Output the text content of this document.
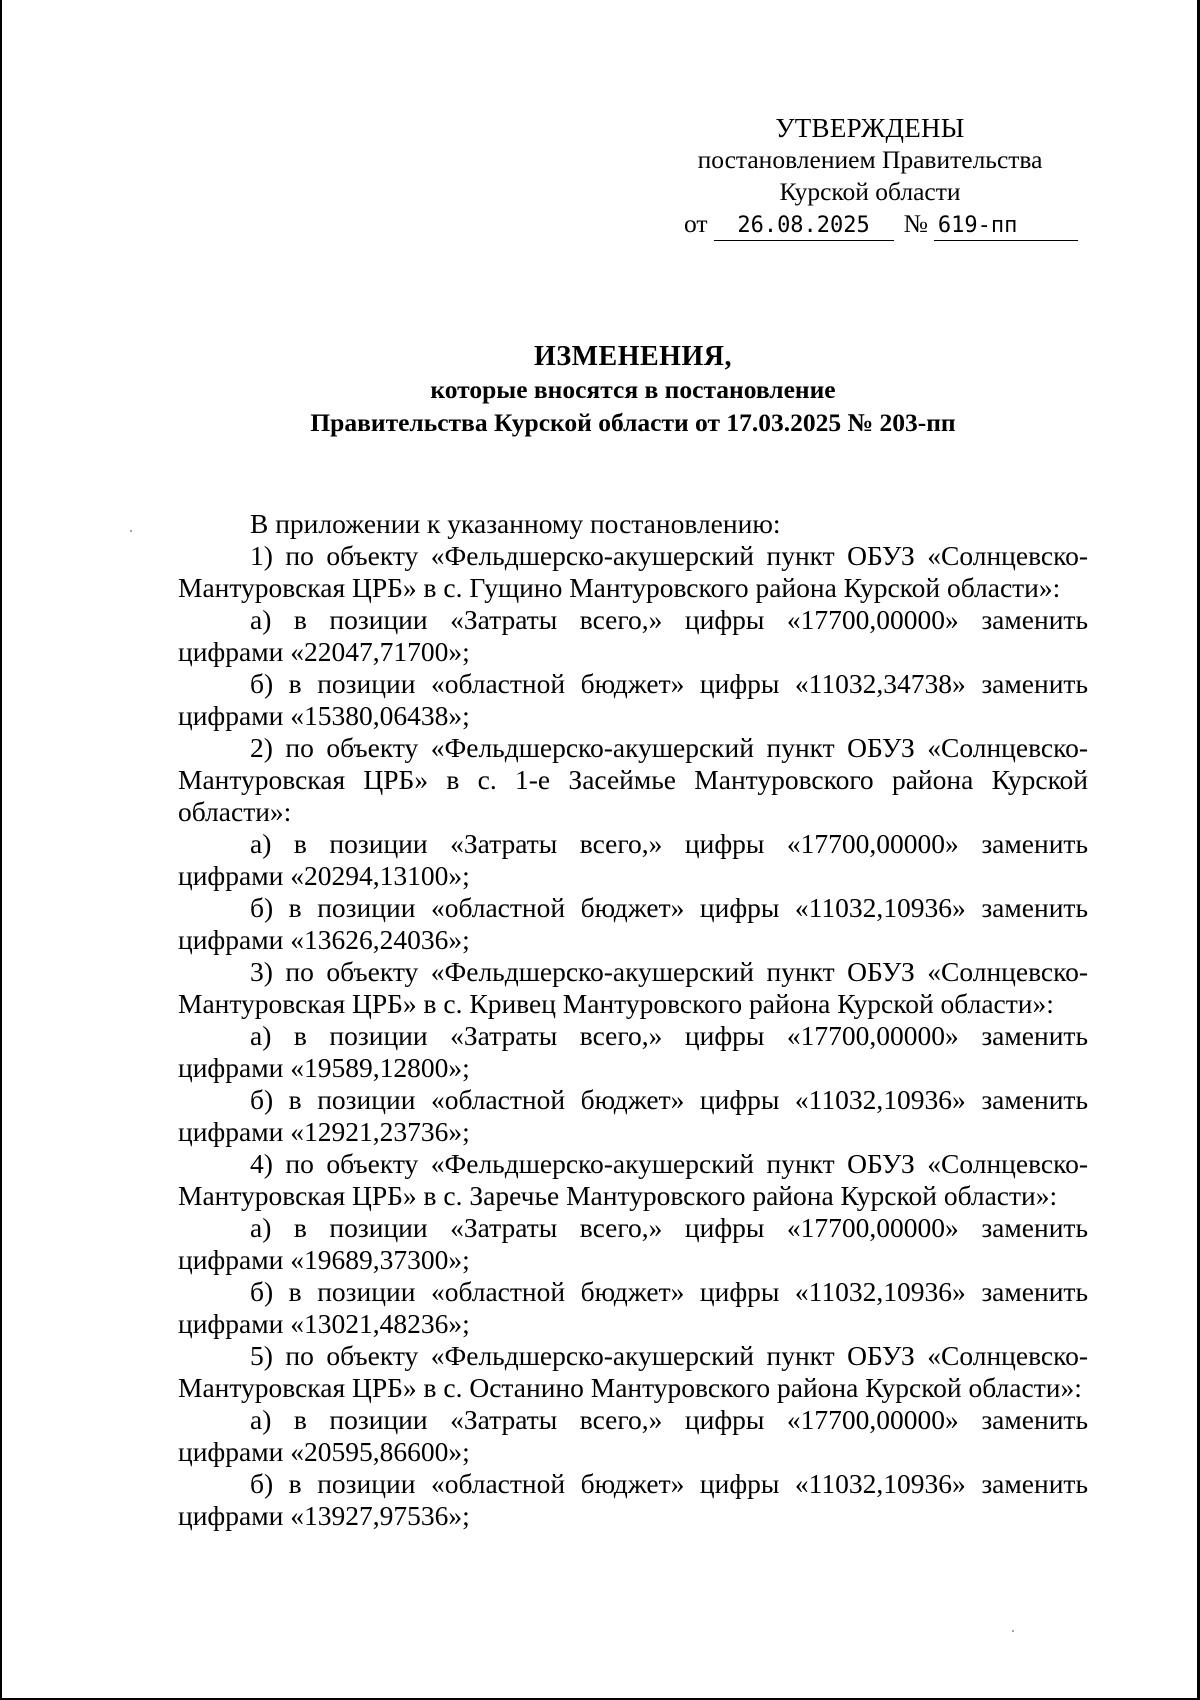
УТВЕРЖДЕНЫ
постановлением Правительства
Курской области
от 26.08.2025 № 619-пп
ИЗМЕНЕНИЯ,
которые вносятся в постановление
Правительства Курской области от 17.03.2025 № 203-пп

В приложении к указанному постановлению:

1) по объекту «Фельдшерско-акушерский пункт ОБУЗ «Солнцевско-Мантуровская ЦРБ» в с. Гущино Мантуровского района Курской области»:

а) в позиции «Затраты всего,» цифры «17700,00000» заменить цифрами «22047,71700»;

б) в позиции «областной бюджет» цифры «11032,34738» заменить цифрами «15380,06438»;

2) по объекту «Фельдшерско-акушерский пункт ОБУЗ «Солнцевско-Мантуровская ЦРБ» в с. 1-е Засеймье Мантуровского района Курской области»:

а) в позиции «Затраты всего,» цифры «17700,00000» заменить цифрами «20294,13100»;

б) в позиции «областной бюджет» цифры «11032,10936» заменить цифрами «13626,24036»;

3) по объекту «Фельдшерско-акушерский пункт ОБУЗ «Солнцевско-Мантуровская ЦРБ» в с. Кривец Мантуровского района Курской области»:

а) в позиции «Затраты всего,» цифры «17700,00000» заменить цифрами «19589,12800»;

б) в позиции «областной бюджет» цифры «11032,10936» заменить цифрами «12921,23736»;

4) по объекту «Фельдшерско-акушерский пункт ОБУЗ «Солнцевско-Мантуровская ЦРБ» в с. Заречье Мантуровского района Курской области»:

а) в позиции «Затраты всего,» цифры «17700,00000» заменить цифрами «19689,37300»;

б) в позиции «областной бюджет» цифры «11032,10936» заменить цифрами «13021,48236»;

5) по объекту «Фельдшерско-акушерский пункт ОБУЗ «Солнцевско-Мантуровская ЦРБ» в с. Останино Мантуровского района Курской области»:

а) в позиции «Затраты всего,» цифры «17700,00000» заменить цифрами «20595,86600»;

б) в позиции «областной бюджет» цифры «11032,10936» заменить цифрами «13927,97536»;
